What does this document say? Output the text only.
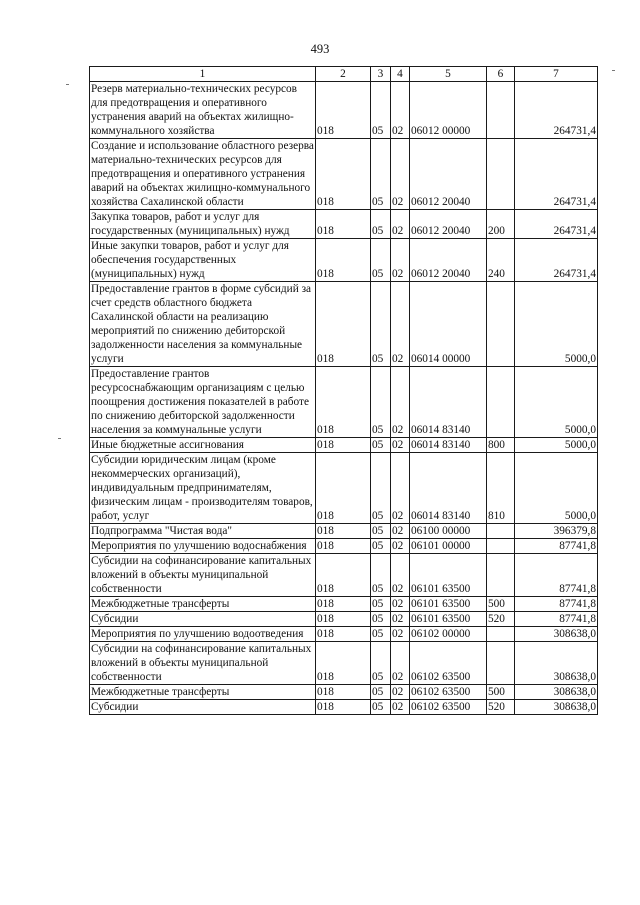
493
1	2	3	4	5	6	7
Резерв материально-технических ресурсов для предотвращения и оперативного устранения аварий на объектах жилищно-коммунального хозяйства	018	05	02	06012 00000		264731,4
Создание и использование областного резерва материально-технических ресурсов для предотвращения и оперативного устранения аварий на объектах жилищно-коммунального хозяйства Сахалинской области	018	05	02	06012 20040		264731,4
Закупка товаров, работ и услуг для государственных (муниципальных) нужд	018	05	02	06012 20040	200	264731,4
Иные закупки товаров, работ и услуг для обеспечения государственных (муниципальных) нужд	018	05	02	06012 20040	240	264731,4
Предоставление грантов в форме субсидий за счет средств областного бюджета Сахалинской области на реализацию мероприятий по снижению дебиторской задолженности населения за коммунальные услуги	018	05	02	06014 00000		5000,0
Предоставление грантов ресурсоснабжающим организациям с целью поощрения достижения показателей в работе по снижению дебиторской задолженности населения за коммунальные услуги	018	05	02	06014 83140		5000,0
Иные бюджетные ассигнования	018	05	02	06014 83140	800	5000,0
Субсидии юридическим лицам (кроме некоммерческих организаций), индивидуальным предпринимателям, физическим лицам - производителям товаров, работ, услуг	018	05	02	06014 83140	810	5000,0
Подпрограмма "Чистая вода"	018	05	02	06100 00000		396379,8
Мероприятия по улучшению водоснабжения	018	05	02	06101 00000		87741,8
Субсидии на софинансирование капитальных вложений в объекты муниципальной собственности	018	05	02	06101 63500		87741,8
Межбюджетные трансферты	018	05	02	06101 63500	500	87741,8
Субсидии	018	05	02	06101 63500	520	87741,8
Мероприятия по улучшению водоотведения	018	05	02	06102 00000		308638,0
Субсидии на софинансирование капитальных вложений в объекты муниципальной собственности	018	05	02	06102 63500		308638,0
Межбюджетные трансферты	018	05	02	06102 63500	500	308638,0
Субсидии	018	05	02	06102 63500	520	308638,0
